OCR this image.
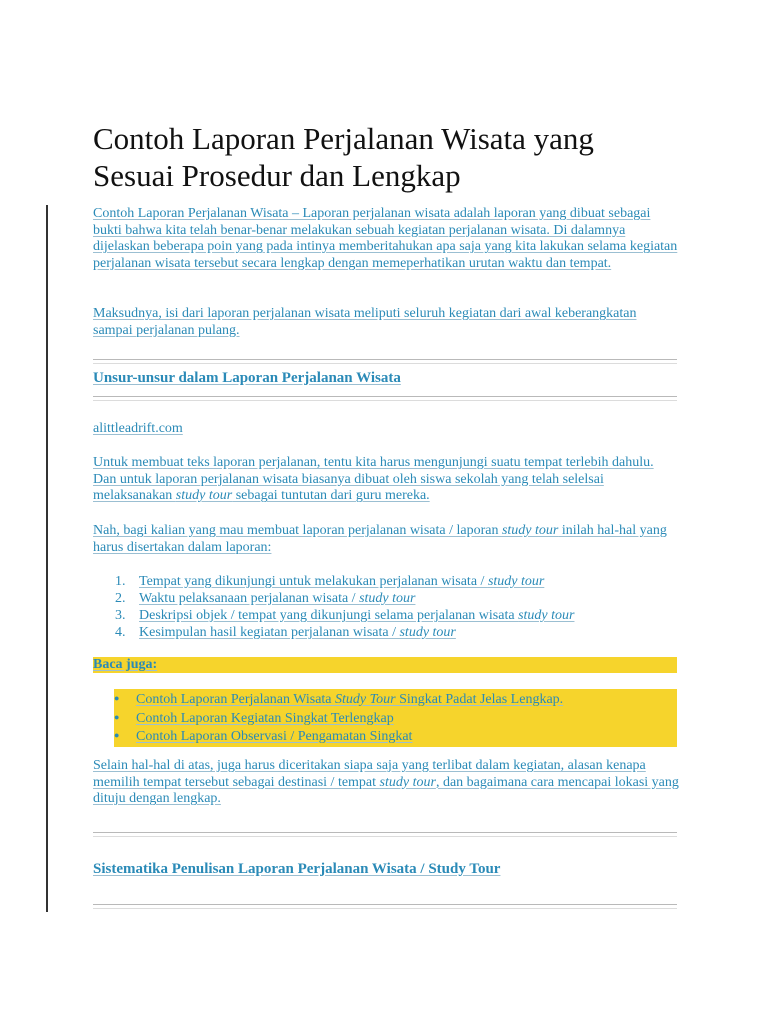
Contoh Laporan Perjalanan Wisata yang Sesuai Prosedur dan Lengkap

Contoh Laporan Perjalanan Wisata – Laporan perjalanan wisata adalah laporan yang dibuat sebagai bukti bahwa kita telah benar-benar melakukan sebuah kegiatan perjalanan wisata. Di dalamnya dijelaskan beberapa poin yang pada intinya memberitahukan apa saja yang kita lakukan selama kegiatan perjalanan wisata tersebut secara lengkap dengan memeperhatikan urutan waktu dan tempat.

Maksudnya, isi dari laporan perjalanan wisata meliputi seluruh kegiatan dari awal keberangkatan sampai perjalanan pulang.

Unsur-unsur dalam Laporan Perjalanan Wisata

alittleadrift.com

Untuk membuat teks laporan perjalanan, tentu kita harus mengunjungi suatu tempat terlebih dahulu. Dan untuk laporan perjalanan wisata biasanya dibuat oleh siswa sekolah yang telah selelsai melaksanakan study tour sebagai tuntutan dari guru mereka.

Nah, bagi kalian yang mau membuat laporan perjalanan wisata / laporan study tour inilah hal-hal yang harus disertakan dalam laporan:

1. Tempat yang dikunjungi untuk melakukan perjalanan wisata / study tour
2. Waktu pelaksanaan perjalanan wisata / study tour
3. Deskripsi objek / tempat yang dikunjungi selama perjalanan wisata study tour
4. Kesimpulan hasil kegiatan perjalanan wisata / study tour
Baca juga:
● Contoh Laporan Perjalanan Wisata Study Tour Singkat Padat Jelas Lengkap.
● Contoh Laporan Kegiatan Singkat Terlengkap
● Contoh Laporan Observasi / Pengamatan Singkat

Selain hal-hal di atas, juga harus diceritakan siapa saja yang terlibat dalam kegiatan, alasan kenapa memilih tempat tersebut sebagai destinasi / tempat study tour, dan bagaimana cara mencapai lokasi yang dituju dengan lengkap.

Sistematika Penulisan Laporan Perjalanan Wisata / Study Tour
